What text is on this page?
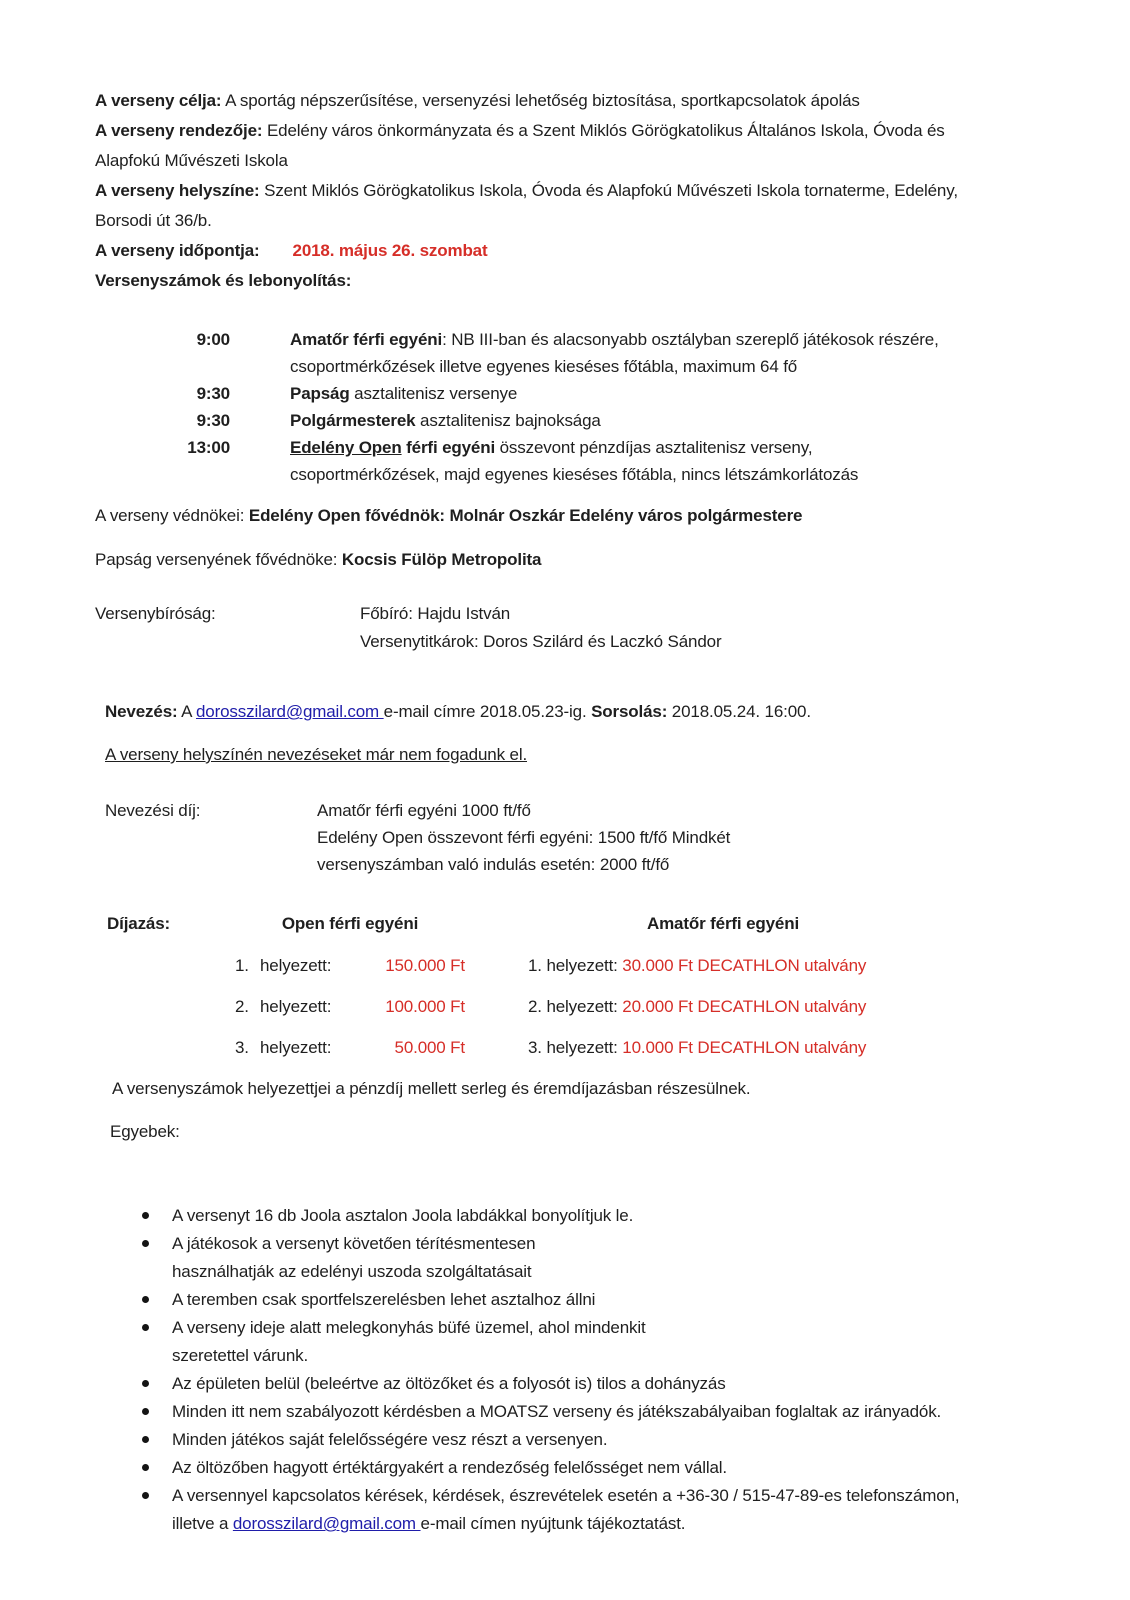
A verseny célja: A sportág népszerűsítése, versenyzési lehetőség biztosítása, sportkapcsolatok ápolás

A verseny rendezője: Edelény város önkormányzata és a Szent Miklós Görögkatolikus Általános Iskola, Óvoda és
Alapfokú Művészeti Iskola

A verseny helyszíne: Szent Miklós Görögkatolikus Iskola, Óvoda és Alapfokú Művészeti Iskola tornaterme, Edelény,
Borsodi út 36/b.

A verseny időpontja: 2018. május 26. szombat

Versenyszámok és lebonyolítás:

9:00	Amatőr férfi egyéni: NB III-ban és alacsonyabb osztályban szereplő játékosok részére,
csoportmérkőzések illetve egyenes kieséses főtábla, maximum 64 fő
9:30	Papság asztalitenisz versenye
9:30	Polgármesterek asztalitenisz bajnoksága
13:00	Edelény Open férfi egyéni összevont pénzdíjas asztalitenisz verseny,
csoportmérkőzések, majd egyenes kieséses főtábla, nincs létszámkorlátozás

A verseny védnökei: Edelény Open fővédnök: Molnár Oszkár Edelény város polgármestere

Papság versenyének fővédnöke: Kocsis Fülöp Metropolita

Versenybíróság:	Főbíró: Hajdu István

Versenytitkárok: Doros Szilárd és Laczkó Sándor

Nevezés: A dorosszilard@gmail.com e-mail címre 2018.05.23-ig. Sorsolás: 2018.05.24. 16:00.

A verseny helyszínén nevezéseket már nem fogadunk el.

Nevezési díj:	Amatőr férfi egyéni 1000 ft/fő

Edelény Open összevont férfi egyéni: 1500 ft/fő Mindkét

versenyszámban való indulás esetén: 2000 ft/fő

Díjazás:	Open férfi egyéni	Amatőr férfi egyéni
1. helyezett:	150.000 Ft	1. helyezett: 30.000 Ft DECATHLON utalvány
2. helyezett:	100.000 Ft	2. helyezett: 20.000 Ft DECATHLON utalvány
3. helyezett:	50.000 Ft	3. helyezett: 10.000 Ft DECATHLON utalvány

A versenyszámok helyezettjei a pénzdíj mellett serleg és éremdíjazásban részesülnek.

Egyebek:

A versenyt 16 db Joola asztalon Joola labdákkal bonyolítjuk le.
A játékosok a versenyt követően térítésmentesen
használhatják az edelényi uszoda szolgáltatásait
A teremben csak sportfelszerelésben lehet asztalhoz állni
A verseny ideje alatt melegkonyhás büfé üzemel, ahol mindenkit
szeretettel várunk.
Az épületen belül (beleértve az öltözőket és a folyosót is) tilos a dohányzás
Minden itt nem szabályozott kérdésben a MOATSZ verseny és játékszabályaiban foglaltak az irányadók.
Minden játékos saját felelősségére vesz részt a versenyen.
Az öltözőben hagyott értéktárgyakért a rendezőség felelősséget nem vállal.
A versennyel kapcsolatos kérések, kérdések, észrevételek esetén a +36-30 / 515-47-89-es telefonszámon,
illetve a dorosszilard@gmail.com e-mail címen nyújtunk tájékoztatást.
